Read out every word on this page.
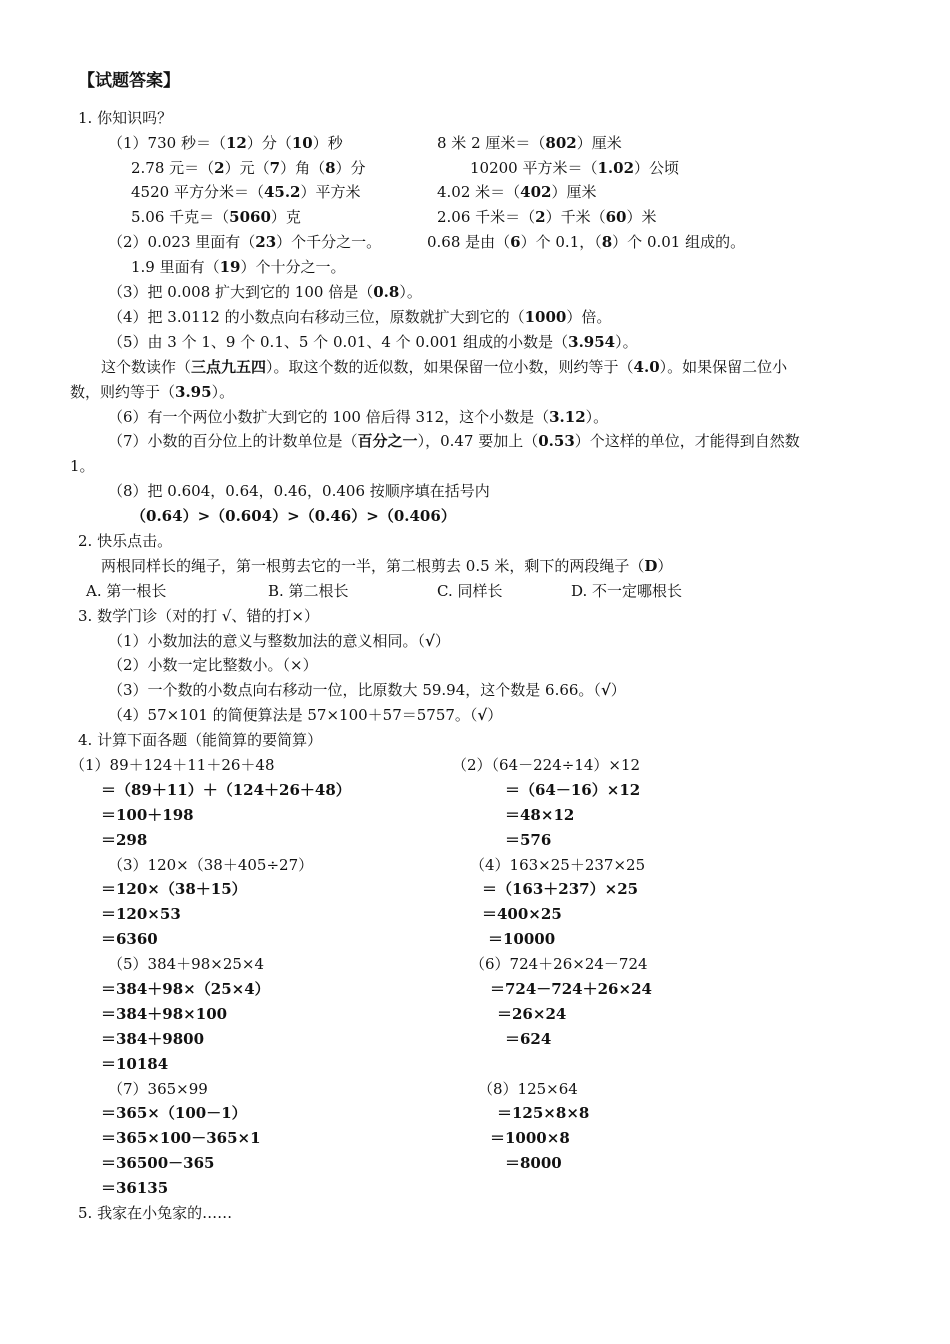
【试题答案】
1. 你知识吗？
（1）730 秒＝（12）分（10）秒	8 米 2 厘米＝（802）厘米
2.78 元＝（2）元（7）角（8）分	10200 平方米＝（1.02）公顷
4520 平方分米＝（45.2）平方米	4.02 米＝（402）厘米
5.06 千克＝（5060）克	2.06 千米＝（2）千米（60）米
（2）0.023 里面有（23）个千分之一。	0.68 是由（6）个 0.1，（8）个 0.01 组成的。
1.9 里面有（19）个十分之一。
（3）把 0.008 扩大到它的 100 倍是（0.8）。
（4）把 3.0112 的小数点向右移动三位，原数就扩大到它的（1000）倍。
（5）由 3 个 1、9 个 0.1、5 个 0.01、4 个 0.001 组成的小数是（3.954）。
这个数读作（三点九五四）。取这个数的近似数，如果保留一位小数，则约等于（4.0）。如果保留二位小
数，则约等于（3.95）。
（6）有一个两位小数扩大到它的 100 倍后得 312，这个小数是（3.12）。
（7）小数的百分位上的计数单位是（百分之一），0.47 要加上（0.53）个这样的单位，才能得到自然数
1。
（8）把 0.604，0.64，0.46，0.406 按顺序填在括号内
（0.64）>（0.604）>（0.46）>（0.406）
2. 快乐点击。
两根同样长的绳子，第一根剪去它的一半，第二根剪去 0.5 米，剩下的两段绳子（D）
A. 第一根长	B. 第二根长	C. 同样长	D. 不一定哪根长
3. 数学门诊（对的打 √、错的打×）
（1）小数加法的意义与整数加法的意义相同。（√）
（2）小数一定比整数小。（×）
（3）一个数的小数点向右移动一位，比原数大 59.94，这个数是 6.66。（√）
（4）57×101 的简便算法是 57×100＋57＝5757。（√）
4. 计算下面各题（能简算的要简算）
（1）89＋124＋11＋26＋48
＝（89＋11）＋（124＋26＋48）
＝100＋198
＝298
（2）（64－224÷14）×12
＝（64－16）×12
＝48×12
＝576
（3）120×（38＋405÷27）
＝120×（38＋15）
＝120×53
＝6360
（4）163×25＋237×25
＝（163＋237）×25
＝400×25
＝10000
（5）384＋98×25×4
＝384＋98×（25×4）
＝384＋98×100
＝384＋9800
＝10184
（6）724＋26×24－724
＝724－724＋26×24
＝26×24
＝624
（7）365×99
＝365×（100－1）
＝365×100－365×1
＝36500－365
＝36135
（8）125×64
＝125×8×8
＝1000×8
＝8000
5. 我家在小兔家的……
